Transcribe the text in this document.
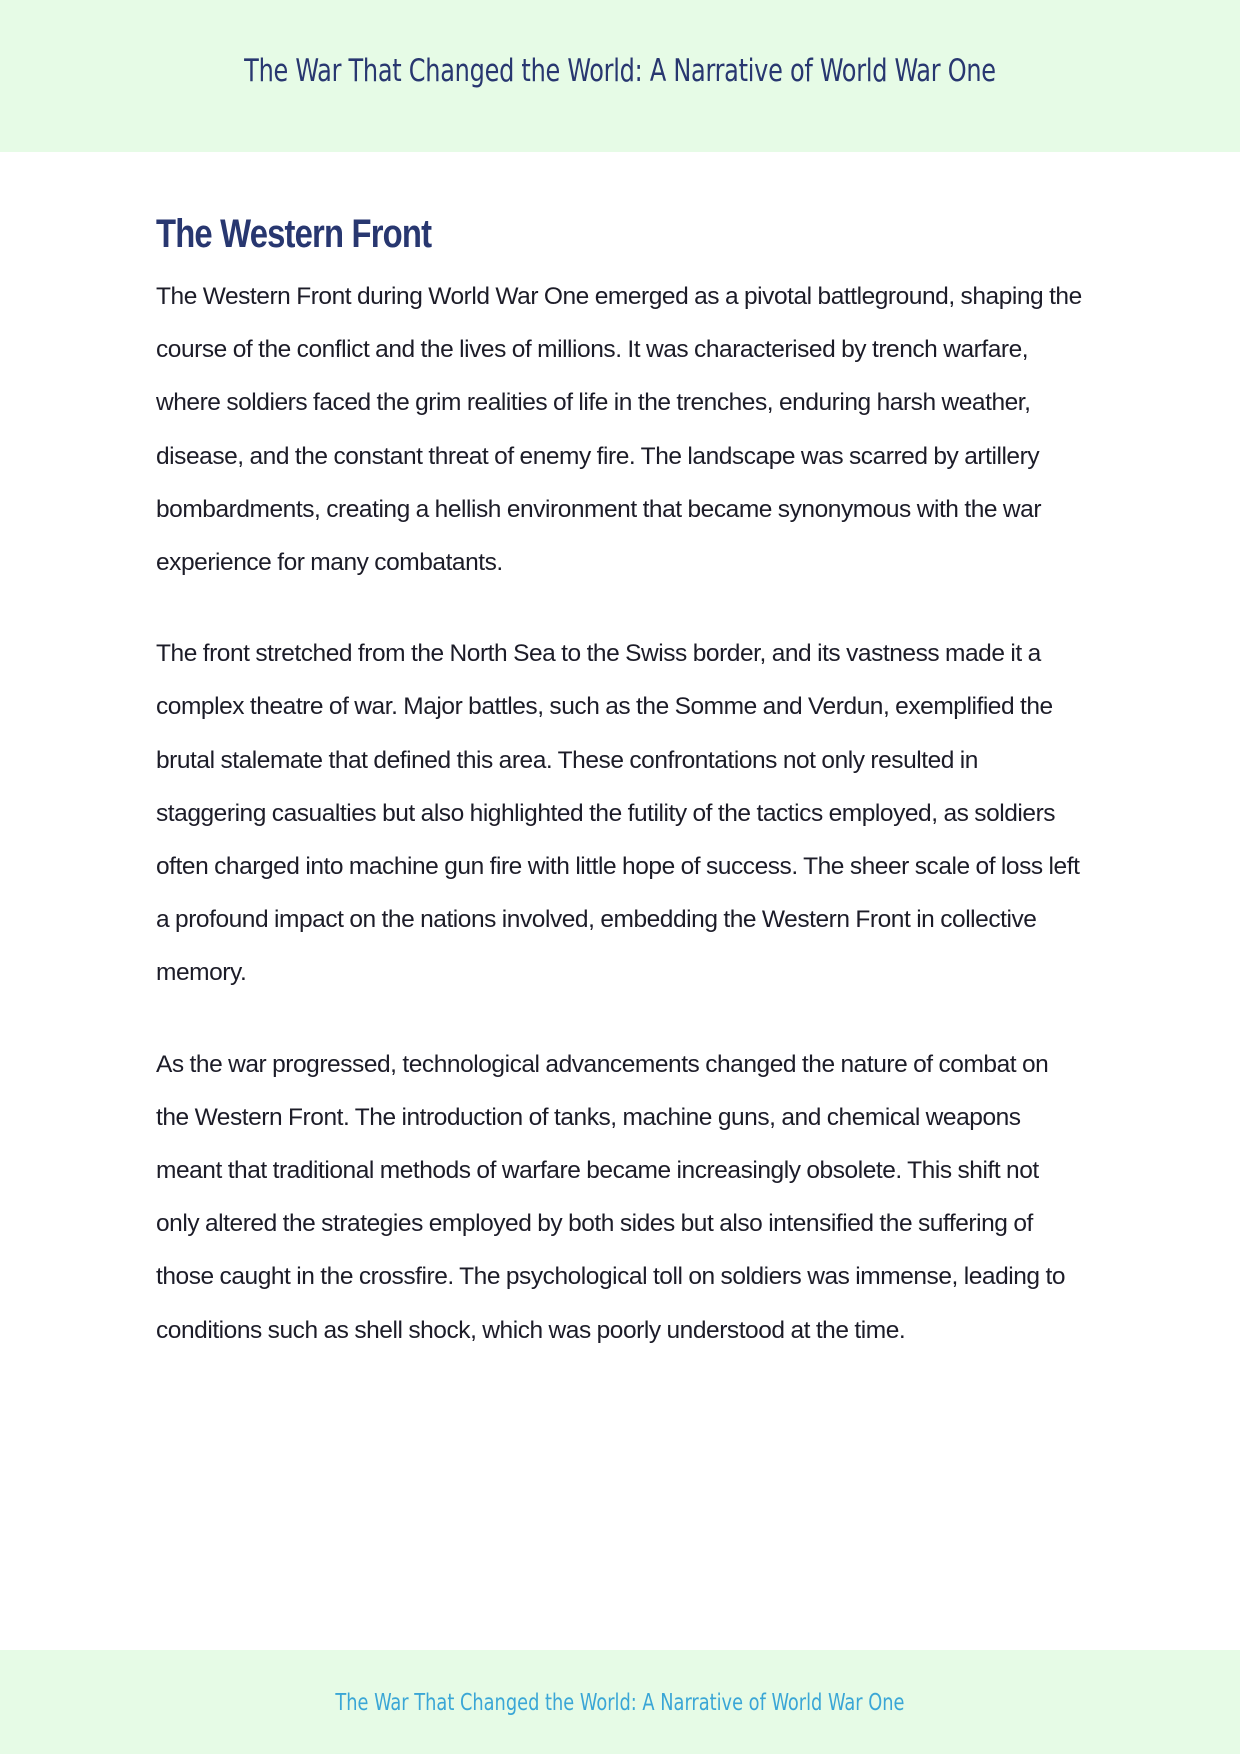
The War That Changed the World: A Narrative of World War One
The Western Front

The Western Front during World War One emerged as a pivotal battleground, shaping the course of the conflict and the lives of millions. It was characterised by trench warfare, where soldiers faced the grim realities of life in the trenches, enduring harsh weather, disease, and the constant threat of enemy fire. The landscape was scarred by artillery bombardments, creating a hellish environment that became synonymous with the war experience for many combatants.

The front stretched from the North Sea to the Swiss border, and its vastness made it a complex theatre of war. Major battles, such as the Somme and Verdun, exemplified the brutal stalemate that defined this area. These confrontations not only resulted in staggering casualties but also highlighted the futility of the tactics employed, as soldiers often charged into machine gun fire with little hope of success. The sheer scale of loss left a profound impact on the nations involved, embedding the Western Front in collective memory.

As the war progressed, technological advancements changed the nature of combat on the Western Front. The introduction of tanks, machine guns, and chemical weapons meant that traditional methods of warfare became increasingly obsolete. This shift not only altered the strategies employed by both sides but also intensified the suffering of those caught in the crossfire. The psychological toll on soldiers was immense, leading to conditions such as shell shock, which was poorly understood at the time.

The War That Changed the World: A Narrative of World War One
